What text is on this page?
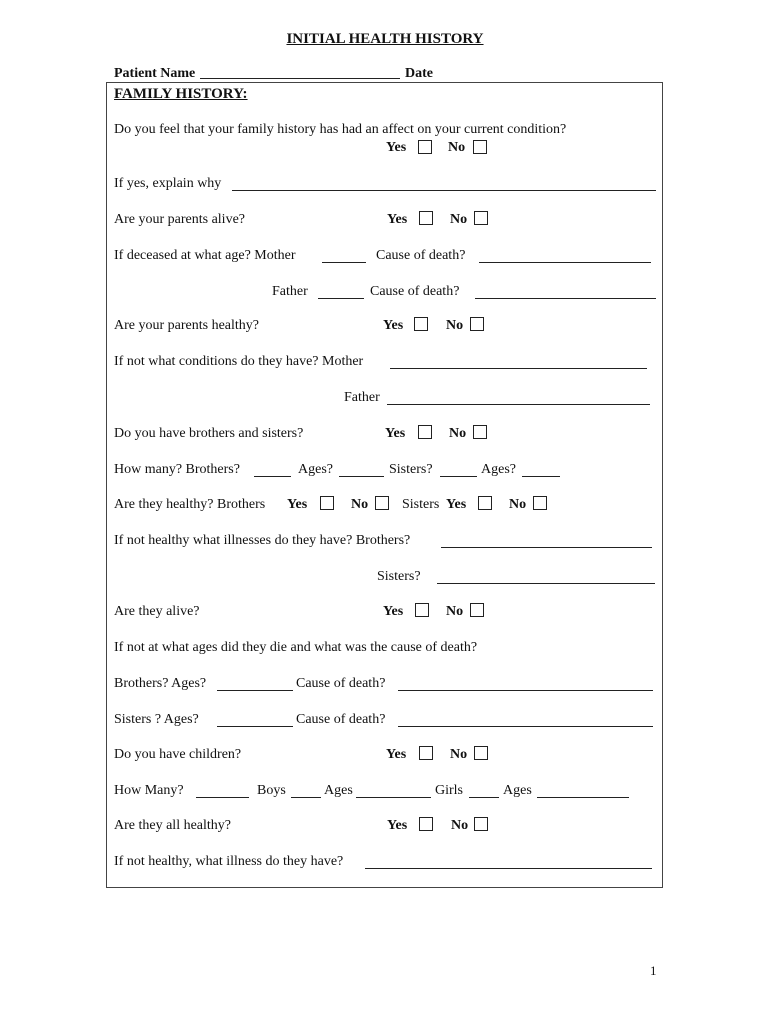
INITIAL HEALTH HISTORY
Patient Name	Date
FAMILY HISTORY:
Do you feel that your family history has had an affect on your current condition?
Yes	No
If yes, explain why
Are your parents alive?	Yes	No
If deceased at what age? Mother	Cause of death?
Father	Cause of death?
Are your parents healthy?	Yes	No
If not what conditions do they have? Mother
Father
Do you have brothers and sisters?	Yes	No
How many? Brothers?	Ages?	Sisters?	Ages?
Are they healthy? Brothers Yes	No Sisters Yes	No
If not healthy what illnesses do they have? Brothers?
Sisters?
Are they alive?	Yes	No
If not at what ages did they die and what was the cause of death?
Brothers? Ages?	Cause of death?
Sisters ? Ages?	Cause of death?
Do you have children?	Yes	No
How Many?	Boys	Ages	Girls	Ages
Are they all healthy?	Yes	No
If not healthy, what illness do they have?
1
